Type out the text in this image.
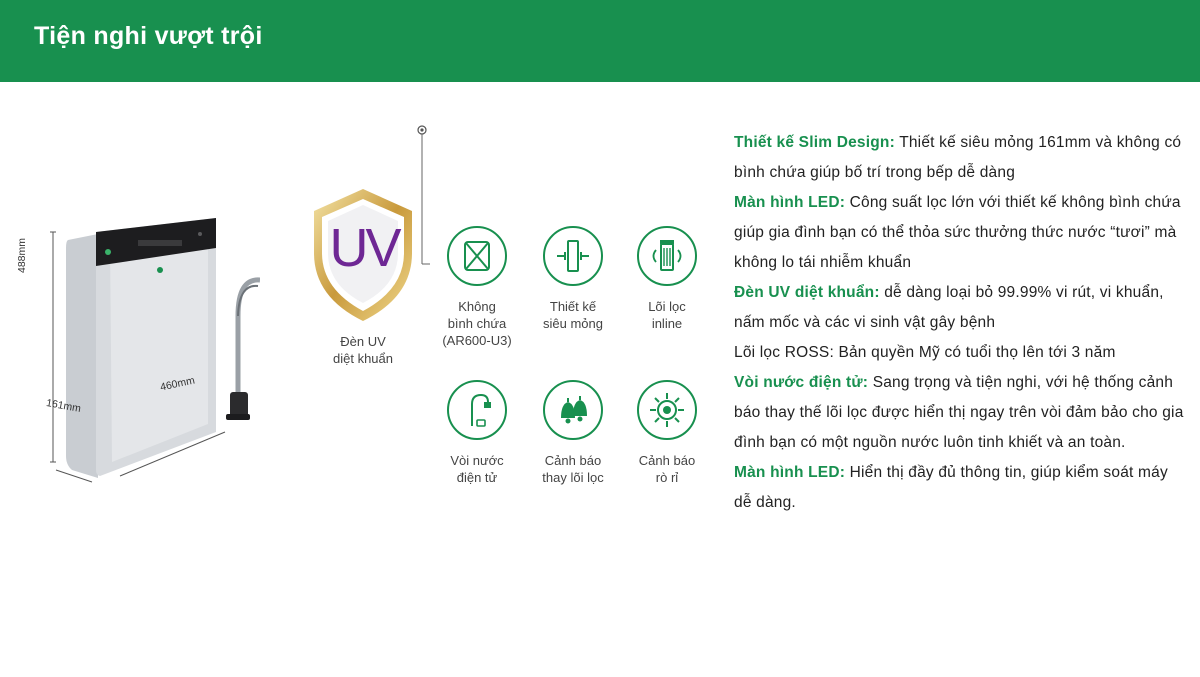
Tiện nghi vượt trội
488mm
460mm
161mm
UV
Đèn UV
diệt khuẩn
Không
bình chứa
(AR600-U3)
Thiết kế
siêu mỏng
Lõi lọc
inline
Vòi nước
điện tử
Cảnh báo
thay lõi lọc
Cảnh báo
rò rỉ

Thiết kế Slim Design: Thiết kế siêu mỏng 161mm và không có bình chứa giúp bố trí trong bếp dễ dàng

Màn hình LED: Công suất lọc lớn với thiết kế không bình chứa giúp gia đình bạn có thể thỏa sức thưởng thức nước “tươi” mà không lo tái nhiễm khuẩn

Đèn UV diệt khuẩn: dễ dàng loại bỏ 99.99% vi rút, vi khuẩn, nấm mốc và các vi sinh vật gây bệnh

Lõi lọc ROSS: Bản quyền Mỹ có tuổi thọ lên tới 3 năm

Vòi nước điện tử: Sang trọng và tiện nghi, với hệ thống cảnh báo thay thế lõi lọc được hiển thị ngay trên vòi đảm bảo cho gia đình bạn có một nguồn nước luôn tinh khiết và an toàn.

Màn hình LED: Hiển thị đầy đủ thông tin, giúp kiểm soát máy dễ dàng.
